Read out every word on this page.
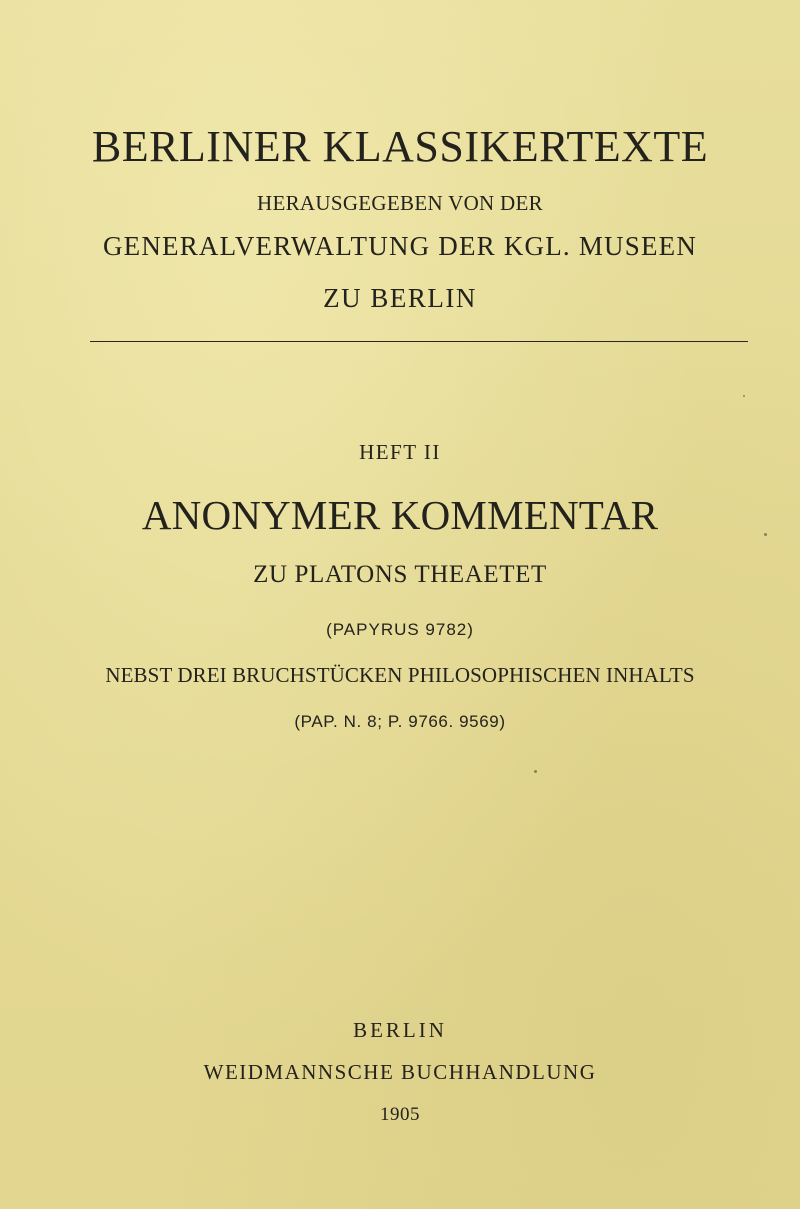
BERLINER KLASSIKERTEXTE
HERAUSGEGEBEN VON DER
GENERALVERWALTUNG DER KGL. MUSEEN
ZU BERLIN
HEFT II
ANONYMER KOMMENTAR
ZU PLATONS THEAETET
(PAPYRUS 9782)
NEBST DREI BRUCHSTÜCKEN PHILOSOPHISCHEN INHALTS
(PAP. N. 8; P. 9766. 9569)
BERLIN
WEIDMANNSCHE BUCHHANDLUNG
1905
